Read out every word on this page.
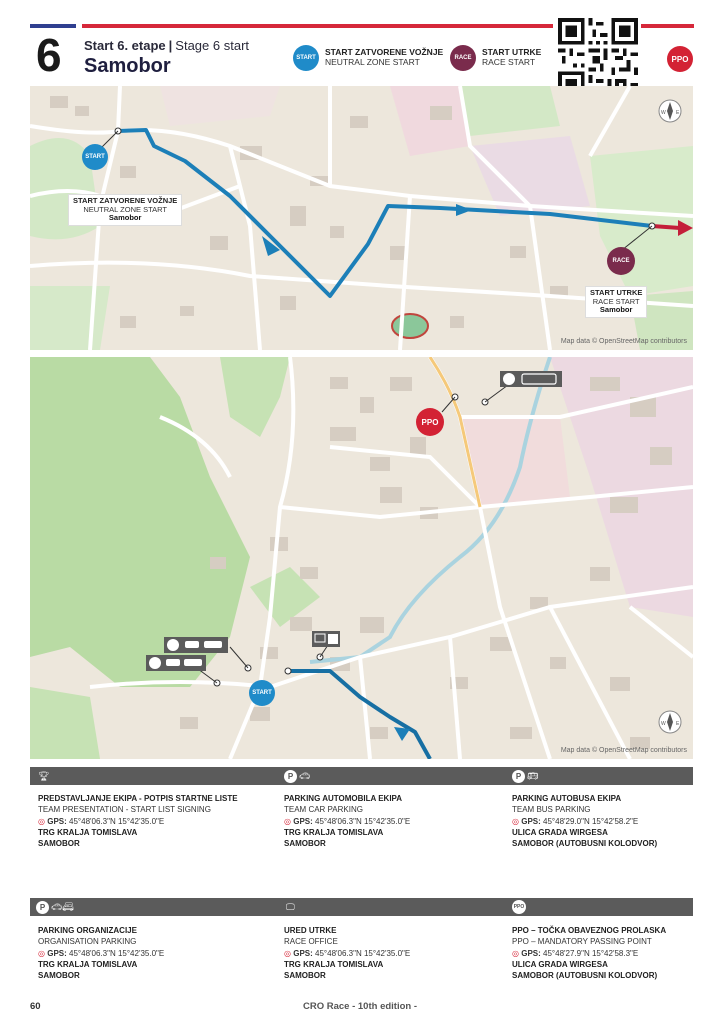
6 Start 6. etape | Stage 6 start
Samobor	START
START ZATVORENE VOŽNJE
NEUTRAL ZONE START	RACE
START UTRKE
RACE START	PPO
W E
START
RACE
START ZATVORENE VOŽNJE
NEUTRAL ZONE START
Samobor
START UTRKE
RACE START
Samobor
Map data © OpenStreetMap contributors
W E
START
PPO
Map data © OpenStreetMap contributors
🏆︎	P 🚗︎	P 🚌︎
PREDSTAVLJANJE EKIPA - POTPIS STARTNE LISTE
TEAM PRESENTATION - START LIST SIGNING
◎ GPS: 45°48'06.3"N 15°42'35.0"E
TRG KRALJA TOMISLAVA
SAMOBOR
PARKING AUTOMOBILA EKIPA
TEAM CAR PARKING
◎ GPS: 45°48'06.3"N 15°42'35.0"E
TRG KRALJA TOMISLAVA
SAMOBOR
PARKING AUTOBUSA EKIPA
TEAM BUS PARKING
◎ GPS: 45°48'29.0"N 15°42'58.2"E
ULICA GRADA WIRGESA
SAMOBOR (AUTOBUSNI KOLODVOR)
P 🚗︎🚐︎	🖵︎	PPO
PARKING ORGANIZACIJE
ORGANISATION PARKING
◎ GPS: 45°48'06.3"N 15°42'35.0"E
TRG KRALJA TOMISLAVA
SAMOBOR
URED UTRKE
RACE OFFICE
◎ GPS: 45°48'06.3"N 15°42'35.0"E
TRG KRALJA TOMISLAVA
SAMOBOR
PPO – TOČKA OBAVEZNOG PROLASKA
PPO – MANDATORY PASSING POINT
◎ GPS: 45°48'27.9"N 15°42'58.3"E
ULICA GRADA WIRGESA
SAMOBOR (AUTOBUSNI KOLODVOR)
60	CRO Race - 10th edition -
